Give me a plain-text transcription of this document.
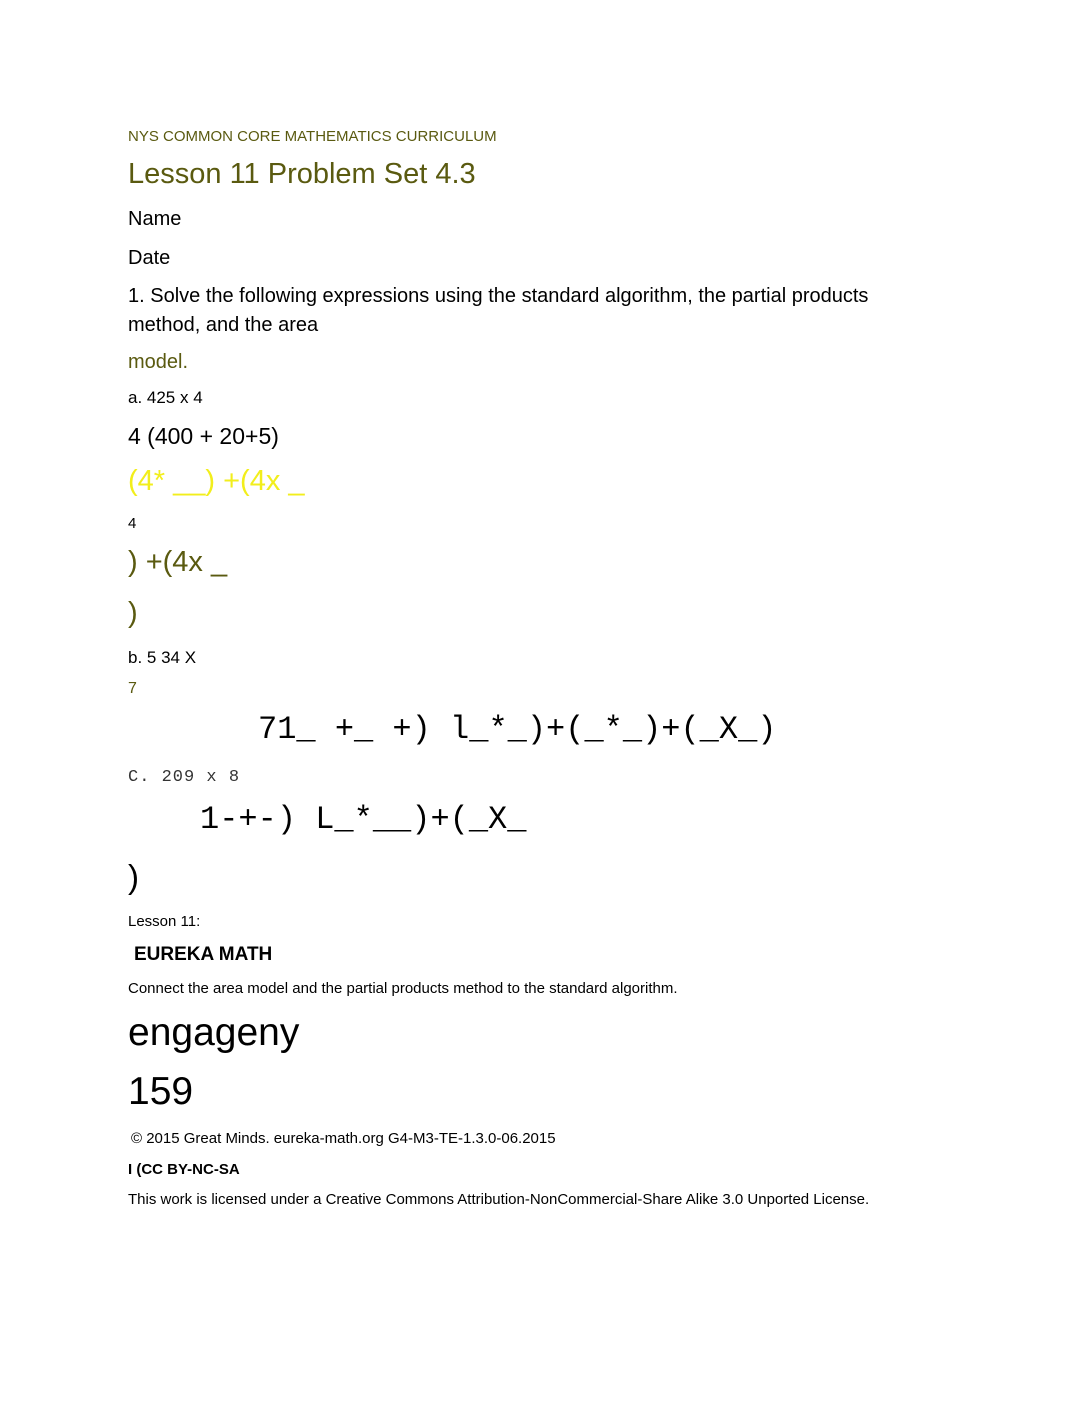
NYS COMMON CORE MATHEMATICS CURRICULUM
Lesson 11 Problem Set 4.3
Name
Date
1. Solve the following expressions using the standard algorithm, the partial products
method, and the area
model.
a. 425 x 4
4 (400 + 20+5)
(4* __) +(4x _
4
) +(4x _
)
b. 5 34 X
7
71_ +_ +) l_*_)+(_*_)+(_X_)
C. 209 x 8
1-+-) L_*__)+(_X_
)
Lesson 11:
EUREKA MATH
Connect the area model and the partial products method to the standard algorithm.
engageny
159
© 2015 Great Minds. eureka-math.org G4-M3-TE-1.3.0-06.2015
I (CC BY-NC-SA
This work is licensed under a Creative Commons Attribution-NonCommercial-Share Alike 3.0 Unported License.
